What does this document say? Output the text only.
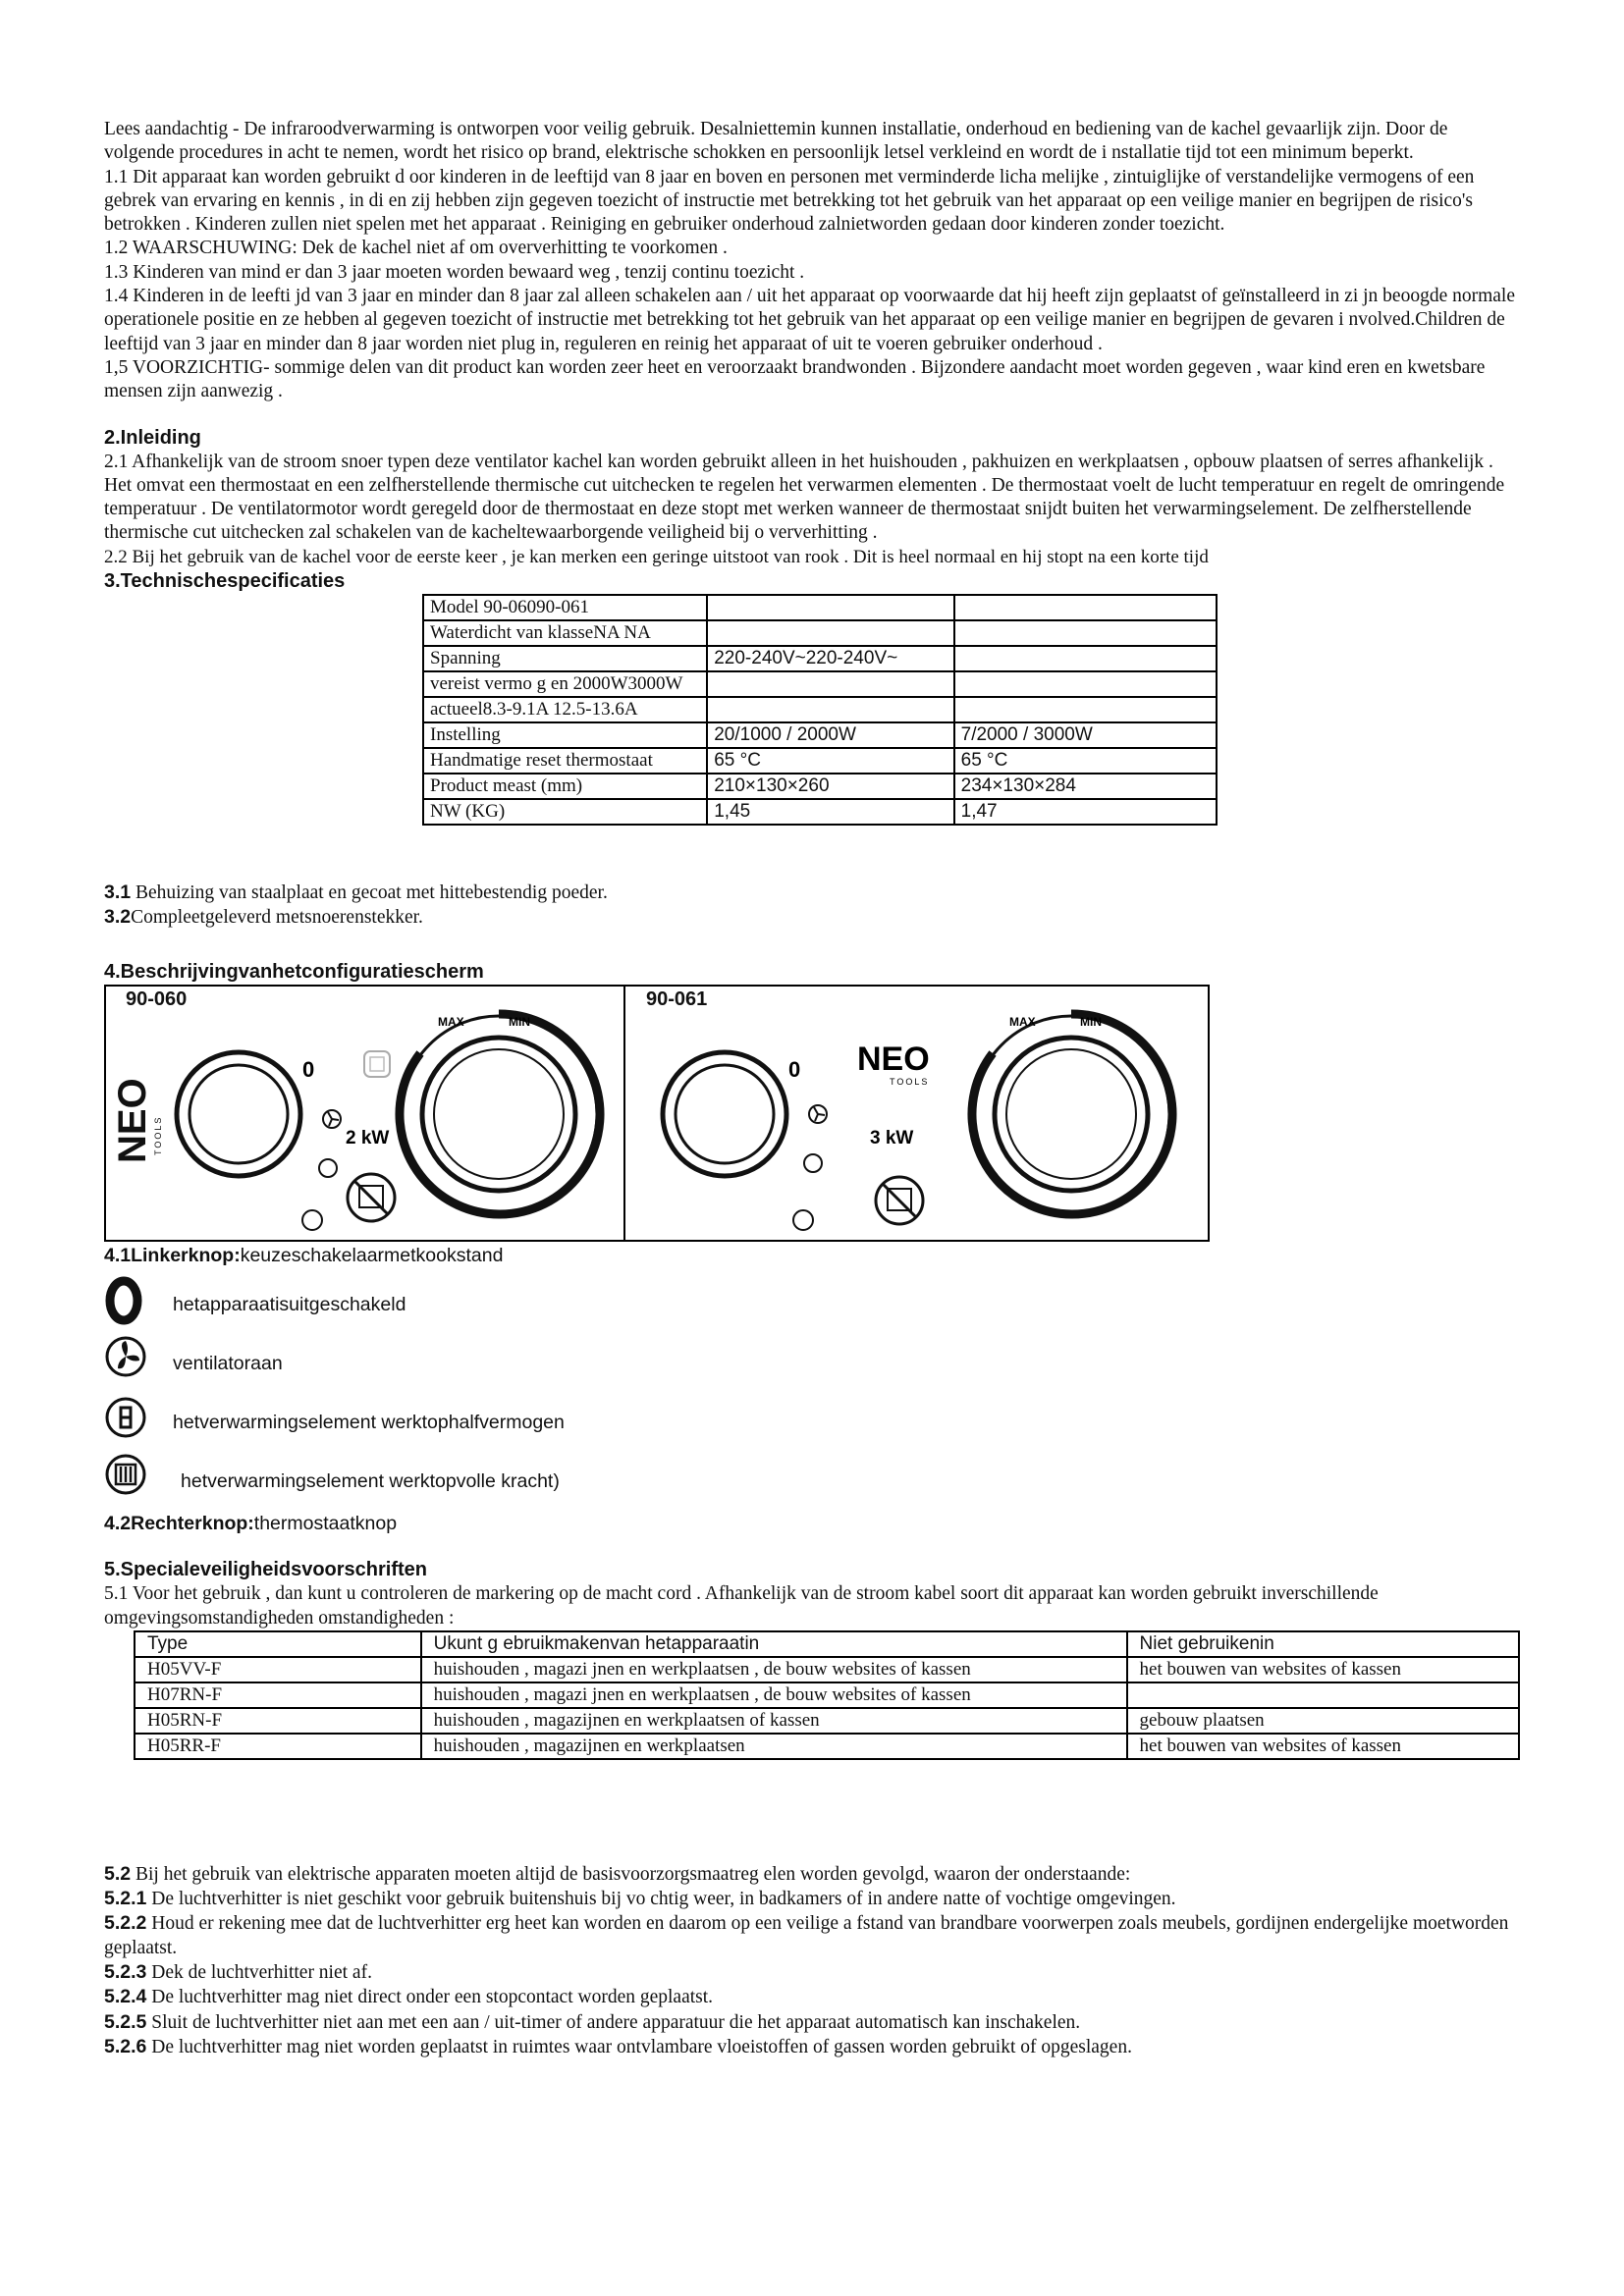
Lees aandachtig - De infraroodverwarming is ontworpen voor veilig gebruik. Desalniettemin kunnen installatie, onderhoud en bediening van de kachel gevaarlijk zijn. Door de volgende procedures in acht te nemen, wordt het risico op brand, elektrische schokken en persoonlijk letsel verkleind en wordt de i nstallatie tijd tot een minimum beperkt.

1.1 Dit apparaat kan worden gebruikt d oor kinderen in de leeftijd van 8 jaar en boven en personen met verminderde licha melijke , zintuiglijke of verstandelijke vermogens of een gebrek van ervaring en kennis , in di en zij hebben zijn gegeven toezicht of instructie met betrekking tot het gebruik van het apparaat op een veilige manier en begrijpen de risico's betrokken . Kinderen zullen niet spelen met het apparaat . Reiniging en gebruiker onderhoud zalnietworden gedaan door kinderen zonder toezicht.

1.2 WAARSCHUWING: Dek de kachel niet af om oververhitting te voorkomen .

1.3 Kinderen van mind er dan 3 jaar moeten worden bewaard weg , tenzij continu toezicht .

1.4 Kinderen in de leefti jd van 3 jaar en minder dan 8 jaar zal alleen schakelen aan / uit het apparaat op voorwaarde dat hij heeft zijn geplaatst of geïnstalleerd in zi jn beoogde normale operationele positie en ze hebben al gegeven toezicht of instructie met betrekking tot het gebruik van het apparaat op een veilige manier en begrijpen de gevaren i nvolved.Children de leeftijd van 3 jaar en minder dan 8 jaar worden niet plug in, reguleren en reinig het apparaat of uit te voeren gebruiker onderhoud .

1,5 VOORZICHTIG- sommige delen van dit product kan worden zeer heet en veroorzaakt brandwonden . Bijzondere aandacht moet worden gegeven , waar kind eren en kwetsbare mensen zijn aanwezig .

2.Inleiding

2.1 Afhankelijk van de stroom snoer typen deze ventilator kachel kan worden gebruikt alleen in het huishouden , pakhuizen en werkplaatsen , opbouw plaatsen of serres afhankelijk . Het omvat een thermostaat en een zelfherstellende thermische cut uitchecken te regelen het verwarmen elementen . De thermostaat voelt de lucht temperatuur en regelt de omringende temperatuur . De ventilatormotor wordt geregeld door de thermostaat en deze stopt met werken wanneer de thermostaat snijdt buiten het verwarmingselement. De zelfherstellende thermische cut uitchecken zal schakelen van de kacheltewaarborgende veiligheid bij o ververhitting .

2.2 Bij het gebruik van de kachel voor de eerste keer , je kan merken een geringe uitstoot van rook . Dit is heel normaal en hij stopt na een korte tijd

3.Technischespecificaties
Model 90-06090-061		
Waterdicht van klasseNA NA		
Spanning	220-240V~220-240V~	
vereist vermo g en 2000W3000W		
actueel8.3-9.1A 12.5-13.6A		
Instelling	20/1000 / 2000W	7/2000 / 3000W
Handmatige reset thermostaat	65 °C	65 °C
Product meast (mm)	210×130×260	234×130×284
NW (KG)	1,45	1,47

3.1 Behuizing van staalplaat en gecoat met hittebestendig poeder.

3.2Compleetgeleverd metsnoerenstekker.

4.Beschrijvingvanhetconfiguratiescherm
90-060
NEO TOOLS
0
2 kW
MAX	MIN
90-061
0 NEO
TOOLS
3 kW
MAX	MIN

4.1Linkerknop:keuzeschakelaarmetkookstand

hetapparaatisuitgeschakeld
ventilatoraan
hetverwarmingselement werktophalfvermogen
hetverwarmingselement werktopvolle kracht)

4.2Rechterknop:thermostaatknop

5.Specialeveiligheidsvoorschriften

5.1 Voor het gebruik , dan kunt u controleren de markering op de macht cord . Afhankelijk van de stroom kabel soort dit apparaat kan worden gebruikt inverschillende omgevingsomstandigheden omstandigheden :

Type	Ukunt g ebruikmakenvan hetapparaatin	Niet gebruikenin
H05VV-F	huishouden , magazi jnen en werkplaatsen , de bouw websites of kassen	het bouwen van websites of kassen
H07RN-F	huishouden , magazi jnen en werkplaatsen , de bouw websites of kassen	
H05RN-F	huishouden , magazijnen en werkplaatsen of kassen	gebouw plaatsen
H05RR-F	huishouden , magazijnen en werkplaatsen	het bouwen van websites of kassen

5.2 Bij het gebruik van elektrische apparaten moeten altijd de basisvoorzorgsmaatreg elen worden gevolgd, waaron der onderstaande:

5.2.1 De luchtverhitter is niet geschikt voor gebruik buitenshuis bij vo chtig weer, in badkamers of in andere natte of vochtige omgevingen.

5.2.2 Houd er rekening mee dat de luchtverhitter erg heet kan worden en daarom op een veilige a fstand van brandbare voorwerpen zoals meubels, gordijnen endergelijke moetworden geplaatst.

5.2.3 Dek de luchtverhitter niet af.

5.2.4 De luchtverhitter mag niet direct onder een stopcontact worden geplaatst.

5.2.5 Sluit de luchtverhitter niet aan met een aan / uit-timer of andere apparatuur die het apparaat automatisch kan inschakelen.

5.2.6 De luchtverhitter mag niet worden geplaatst in ruimtes waar ontvlambare vloeistoffen of gassen worden gebruikt of opgeslagen.
